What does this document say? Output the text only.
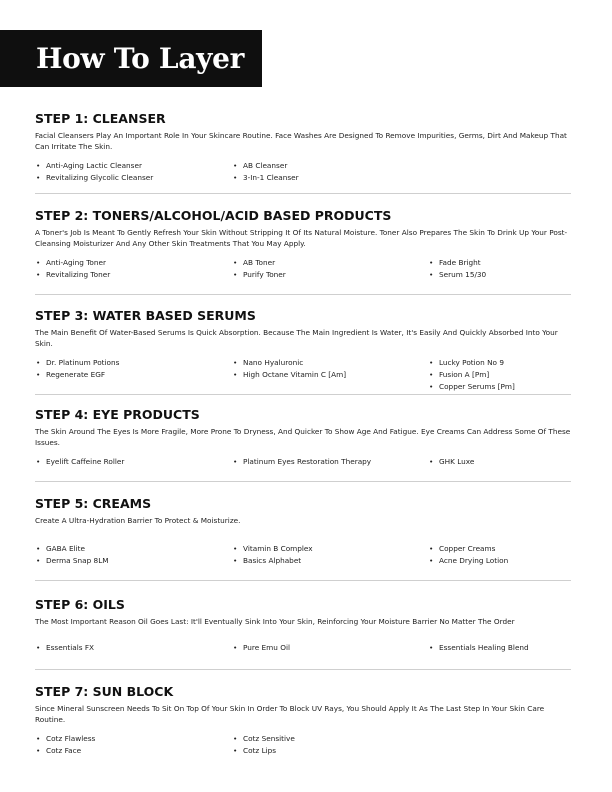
How To Layer
STEP 1: CLEANSER

Facial Cleansers Play An Important Role In Your Skincare Routine. Face Washes Are Designed To Remove Impurities, Germs, Dirt And Makeup That Can Irritate The Skin.

• Anti-Aging Lactic Cleanser
• Revitalizing Glycolic Cleanser
• AB Cleanser
• 3-In-1 Cleanser
STEP 2: TONERS/ALCOHOL/ACID BASED PRODUCTS

A Toner's Job Is Meant To Gently Refresh Your Skin Without Stripping It Of Its Natural Moisture. Toner Also Prepares The Skin To Drink Up Your Post-Cleansing Moisturizer And Any Other Skin Treatments That You May Apply.

• Anti-Aging Toner
• Revitalizing Toner
• AB Toner
• Purify Toner
• Fade Bright
• Serum 15/30
STEP 3: WATER BASED SERUMS

The Main Benefit Of Water-Based Serums Is Quick Absorption. Because The Main Ingredient Is Water, It's Easily And Quickly Absorbed Into Your Skin.

• Dr. Platinum Potions
• Regenerate EGF
• Nano Hyaluronic
• High Octane Vitamin C [Am]
• Lucky Potion No 9
• Fusion A [Pm]
• Copper Serums [Pm]
STEP 4: EYE PRODUCTS

The Skin Around The Eyes Is More Fragile, More Prone To Dryness, And Quicker To Show Age And Fatigue. Eye Creams Can Address Some Of These Issues.

• Eyelift Caffeine Roller	• Platinum Eyes Restoration Therapy	• GHK Luxe
STEP 5: CREAMS

Create A Ultra-Hydration Barrier To Protect & Moisturize.

• GABA Elite
• Derma Snap 8LM
• Vitamin B Complex
• Basics Alphabet
• Copper Creams
• Acne Drying Lotion
STEP 6: OILS

The Most Important Reason Oil Goes Last: It'll Eventually Sink Into Your Skin, Reinforcing Your Moisture Barrier No Matter The Order

• Essentials FX	• Pure Emu Oil	• Essentials Healing Blend
STEP 7: SUN BLOCK

Since Mineral Sunscreen Needs To Sit On Top Of Your Skin In Order To Block UV Rays, You Should Apply It As The Last Step In Your Skin Care Routine.

• Cotz Flawless
• Cotz Face
• Cotz Sensitive
• Cotz Lips
